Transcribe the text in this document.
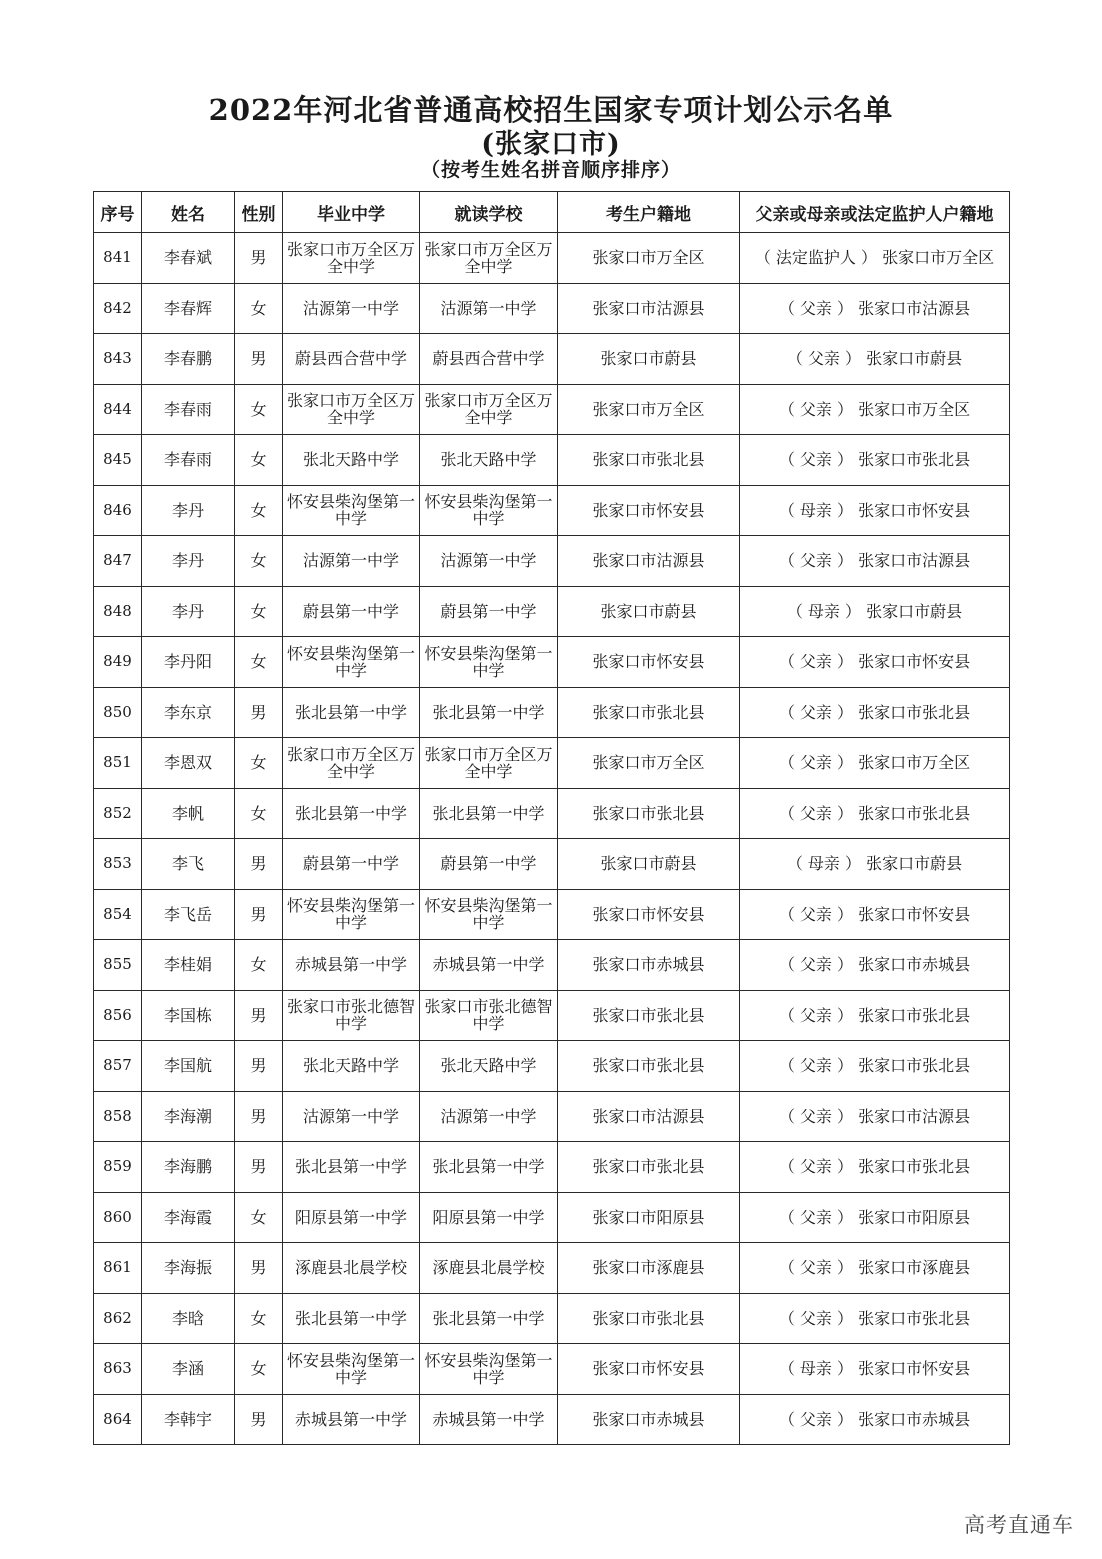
2022年河北省普通高校招生国家专项计划公示名单
(张家口市)
（按考生姓名拼音顺序排序）
序号	姓名	性别	毕业中学	就读学校	考生户籍地	父亲或母亲或法定监护人户籍地
841	李春斌	男	张家口市万全区万全中学	张家口市万全区万全中学	张家口市万全区	（ 法定监护人 ） 张家口市万全区
842	李春辉	女	沽源第一中学	沽源第一中学	张家口市沽源县	（ 父亲 ） 张家口市沽源县
843	李春鹏	男	蔚县西合营中学	蔚县西合营中学	张家口市蔚县	（ 父亲 ） 张家口市蔚县
844	李春雨	女	张家口市万全区万全中学	张家口市万全区万全中学	张家口市万全区	（ 父亲 ） 张家口市万全区
845	李春雨	女	张北天路中学	张北天路中学	张家口市张北县	（ 父亲 ） 张家口市张北县
846	李丹	女	怀安县柴沟堡第一中学	怀安县柴沟堡第一中学	张家口市怀安县	（ 母亲 ） 张家口市怀安县
847	李丹	女	沽源第一中学	沽源第一中学	张家口市沽源县	（ 父亲 ） 张家口市沽源县
848	李丹	女	蔚县第一中学	蔚县第一中学	张家口市蔚县	（ 母亲 ） 张家口市蔚县
849	李丹阳	女	怀安县柴沟堡第一中学	怀安县柴沟堡第一中学	张家口市怀安县	（ 父亲 ） 张家口市怀安县
850	李东京	男	张北县第一中学	张北县第一中学	张家口市张北县	（ 父亲 ） 张家口市张北县
851	李恩双	女	张家口市万全区万全中学	张家口市万全区万全中学	张家口市万全区	（ 父亲 ） 张家口市万全区
852	李帆	女	张北县第一中学	张北县第一中学	张家口市张北县	（ 父亲 ） 张家口市张北县
853	李飞	男	蔚县第一中学	蔚县第一中学	张家口市蔚县	（ 母亲 ） 张家口市蔚县
854	李飞岳	男	怀安县柴沟堡第一中学	怀安县柴沟堡第一中学	张家口市怀安县	（ 父亲 ） 张家口市怀安县
855	李桂娟	女	赤城县第一中学	赤城县第一中学	张家口市赤城县	（ 父亲 ） 张家口市赤城县
856	李国栋	男	张家口市张北德智中学	张家口市张北德智中学	张家口市张北县	（ 父亲 ） 张家口市张北县
857	李国航	男	张北天路中学	张北天路中学	张家口市张北县	（ 父亲 ） 张家口市张北县
858	李海潮	男	沽源第一中学	沽源第一中学	张家口市沽源县	（ 父亲 ） 张家口市沽源县
859	李海鹏	男	张北县第一中学	张北县第一中学	张家口市张北县	（ 父亲 ） 张家口市张北县
860	李海霞	女	阳原县第一中学	阳原县第一中学	张家口市阳原县	（ 父亲 ） 张家口市阳原县
861	李海振	男	涿鹿县北晨学校	涿鹿县北晨学校	张家口市涿鹿县	（ 父亲 ） 张家口市涿鹿县
862	李晗	女	张北县第一中学	张北县第一中学	张家口市张北县	（ 父亲 ） 张家口市张北县
863	李涵	女	怀安县柴沟堡第一中学	怀安县柴沟堡第一中学	张家口市怀安县	（ 母亲 ） 张家口市怀安县
864	李韩宇	男	赤城县第一中学	赤城县第一中学	张家口市赤城县	（ 父亲 ） 张家口市赤城县
高考直通车
